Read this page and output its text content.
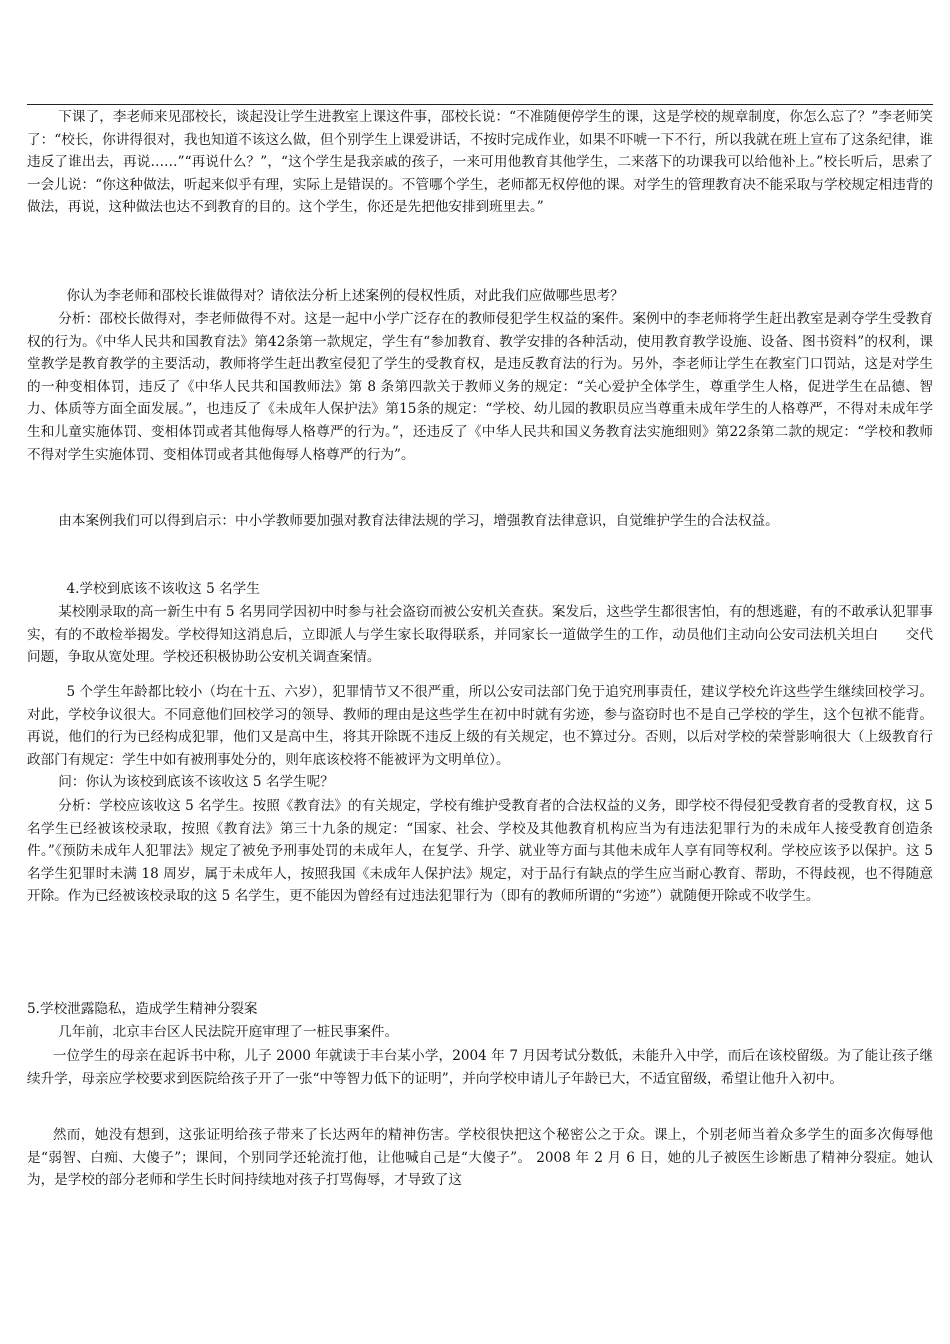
下课了，李老师来见邵校长，谈起没让学生进教室上课这件事，邵校长说：“不准随便停学生的课，这是学校的规章制度，你怎么忘了？”李老师笑了：“校长，你讲得很对，我也知道不该这么做，但个别学生上课爱讲话，不按时完成作业，如果不吓唬一下不行，所以我就在班上宣布了这条纪律，谁违反了谁出去，再说……”“再说什么？”，“这个学生是我亲戚的孩子，一来可用他教育其他学生，二来落下的功课我可以给他补上。”校长听后，思索了一会儿说：“你这种做法，听起来似乎有理，实际上是错误的。不管哪个学生，老师都无权停他的课。对学生的管理教育决不能采取与学校规定相违背的做法，再说，这种做法也达不到教育的目的。这个学生，你还是先把他安排到班里去。”

你认为李老师和邵校长谁做得对？请依法分析上述案例的侵权性质，对此我们应做哪些思考？

分析：邵校长做得对，李老师做得不对。这是一起中小学广泛存在的教师侵犯学生权益的案件。案例中的李老师将学生赶出教室是剥夺学生受教育权的行为。《中华人民共和国教育法》第42条第一款规定，学生有“参加教育、教学安排的各种活动，使用教育教学设施、设备、图书资料”的权利，课堂教学是教育教学的主要活动，教师将学生赶出教室侵犯了学生的受教育权，是违反教育法的行为。另外，李老师让学生在教室门口罚站，这是对学生的一种变相体罚，违反了《中华人民共和国教师法》第 8 条第四款关于教师义务的规定：“关心爱护全体学生，尊重学生人格，促进学生在品德、智力、体质等方面全面发展。”，也违反了《未成年人保护法》第15条的规定：“学校、幼儿园的教职员应当尊重未成年学生的人格尊严，不得对未成年学生和儿童实施体罚、变相体罚或者其他侮辱人格尊严的行为。”，还违反了《中华人民共和国义务教育法实施细则》第22条第二款的规定：“学校和教师不得对学生实施体罚、变相体罚或者其他侮辱人格尊严的行为”。

由本案例我们可以得到启示：中小学教师要加强对教育法律法规的学习，增强教育法律意识，自觉维护学生的合法权益。

4.学校到底该不该收这 5 名学生

某校刚录取的高一新生中有 5 名男同学因初中时参与社会盗窃而被公安机关查获。案发后，这些学生都很害怕，有的想逃避，有的不敢承认犯罪事实，有的不敢检举揭发。学校得知这消息后，立即派人与学生家长取得联系，并同家长一道做学生的工作，动员他们主动向公安司法机关坦白　　交代问题，争取从宽处理。学校还积极协助公安机关调查案情。

5 个学生年龄都比较小（均在十五、六岁），犯罪情节又不很严重，所以公安司法部门免于追究刑事责任，建议学校允许这些学生继续回校学习。对此，学校争议很大。不同意他们回校学习的领导、教师的理由是这些学生在初中时就有劣迹，参与盗窃时也不是自己学校的学生，这个包袱不能背。再说，他们的行为已经构成犯罪，他们又是高中生，将其开除既不违反上级的有关规定，也不算过分。否则，以后对学校的荣誉影响很大（上级教育行政部门有规定：学生中如有被刑事处分的，则年底该校将不能被评为文明单位）。

问：你认为该校到底该不该收这 5 名学生呢？

分析：学校应该收这 5 名学生。按照《教育法》的有关规定，学校有维护受教育者的合法权益的义务，即学校不得侵犯受教育者的受教育权，这 5 名学生已经被该校录取，按照《教育法》第三十九条的规定：“国家、社会、学校及其他教育机构应当为有违法犯罪行为的未成年人接受教育创造条件。”《预防未成年人犯罪法》规定了被免予刑事处罚的未成年人，在复学、升学、就业等方面与其他未成年人享有同等权利。学校应该予以保护。这 5 名学生犯罪时未满 18 周岁，属于未成年人，按照我国《未成年人保护法》规定，对于品行有缺点的学生应当耐心教育、帮助，不得歧视，也不得随意开除。作为已经被该校录取的这 5 名学生，更不能因为曾经有过违法犯罪行为（即有的教师所谓的“劣迹”）就随便开除或不收学生。

5.学校泄露隐私，造成学生精神分裂案

几年前，北京丰台区人民法院开庭审理了一桩民事案件。

一位学生的母亲在起诉书中称，儿子 2000 年就读于丰台某小学，2004 年 7 月因考试分数低，未能升入中学，而后在该校留级。为了能让孩子继续升学，母亲应学校要求到医院给孩子开了一张“中等智力低下的证明”，并向学校申请儿子年龄已大，不适宜留级，希望让他升入初中。

然而，她没有想到，这张证明给孩子带来了长达两年的精神伤害。学校很快把这个秘密公之于众。课上，个别老师当着众多学生的面多次侮辱他是“弱智、白痴、大傻子”；课间，个别同学还轮流打他，让他喊自己是“大傻子”。 2008 年 2 月 6 日，她的儿子被医生诊断患了精神分裂症。她认为，是学校的部分老师和学生长时间持续地对孩子打骂侮辱，才导致了这
